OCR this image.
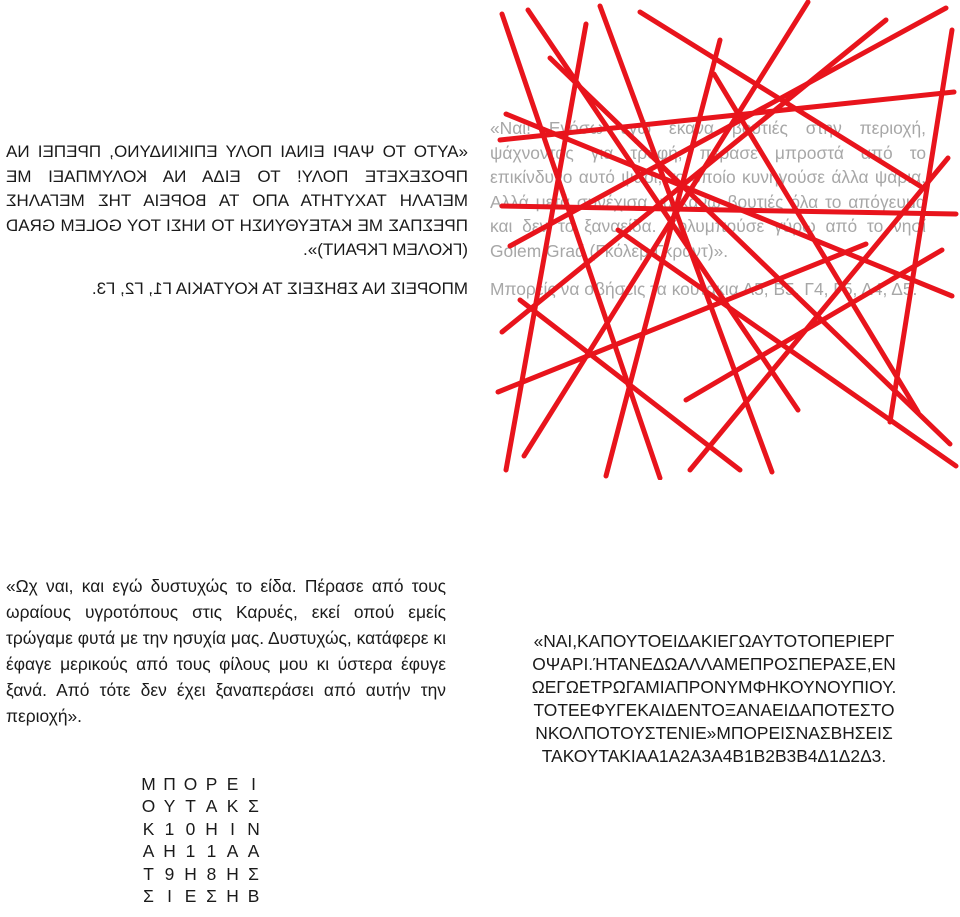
«ΑΥΤΟ ΤΟ ΨΑΡΙ ΕΙΝΑΙ ΠΟΛΥ ΕΠΙΚΙΝΔΥΝΟ, ΠΡΕΠΕΙ ΝΑ ΠΡΟΣΕΧΕΤΕ ΠΟΛΥ! ΤΟ ΕΙΔΑ ΝΑ ΚΟΛΥΜΠΑΕΙ ΜΕ ΜΕΓΑΛΗ ΤΑΧΥΤΗΤΑ ΑΠΟ ΤΑ ΒΟΡΕΙΑ ΤΗΣ ΜΕΓΑΛΗΣ ΠΡΕΣΠΑΣ ΜΕ ΚΑΤΕΥΘΥΝΣΗ ΤΟ ΝΗΣΙ ΤΟΥ GOLEM GRAD (ΓΚΟΛΕΜ ΓΚΡΑΝΤ)».

ΜΠΟΡΕΙΣ ΝΑ ΣΒΗΣΕΙΣ ΤΑ ΚΟΥΤΑΚΙΑ Γ1, Γ2, Γ3.

«Ναι! Ενόσω εγώ έκανα βουτιές στην περιοχή, ψάχνοντας για τροφή, πέρασε μπροστά από το επικίνδυνο αυτό ψάρι, το οποίο κυνηγούσε άλλα ψάρια. Αλλά μετά συνέχισα να κάνω βουτιές όλα το απόγευμα και δεν το ξαναείδα. Κολυμπούσε γύρω από το νησί Golem Grad (Γκόλεμ Γκραντ)».

Μπορείς να σβήσεις τα κουτάκια Α5, Β5, Γ4, Γ5, Δ4, Δ5.

«Ωχ ναι, και εγώ δυστυχώς το είδα. Πέρασε από τους ωραίους υγροτόπους στις Καρυές, εκεί οπού εμείς τρώγαμε φυτά με την ησυχία μας. Δυστυχώς, κατάφερε κι έφαγε μερικούς από τους φίλους μου κι ύστερα έφυγε ξανά. Από τότε δεν έχει ξαναπεράσει από αυτήν την περιοχή».

Μ Π Ο Ρ Ε Ι
Ο Υ Τ Α Κ Σ
Κ 1 0 Η Ι Ν
Α Η 1 1 Α Α
Τ 9 Η 8 Η Σ
Σ Ι Ε Σ Η Β
«ΝΑΙ,ΚΑΠΟΥΤΟΕΙΔΑΚΙΕΓΩΑΥΤΟΤΟΠΕΡΙΕΡΓ
ΟΨΑΡΙ.ΉΤΑΝΕΔΩΑΛΛΑΜΕΠΡΟΣΠΕΡΑΣΕ,ΕΝ
ΩΕΓΩΕΤΡΩΓΑΜΙΑΠΡΟΝΥΜΦΗΚΟΥΝΟΥΠΙΟΥ.
ΤΟΤΕΕΦΥΓΕΚΑΙΔΕΝΤΟΞΑΝΑΕΙΔΑΠΟΤΕΣΤΟ
ΝΚΟΛΠΟΤΟΥΣΤΕΝΙΕ»ΜΠΟΡΕΙΣΝΑΣΒΗΣΕΙΣ
ΤΑΚΟΥΤΑΚΙΑΑ1Α2Α3Α4Β1Β2Β3Β4Δ1Δ2Δ3.
